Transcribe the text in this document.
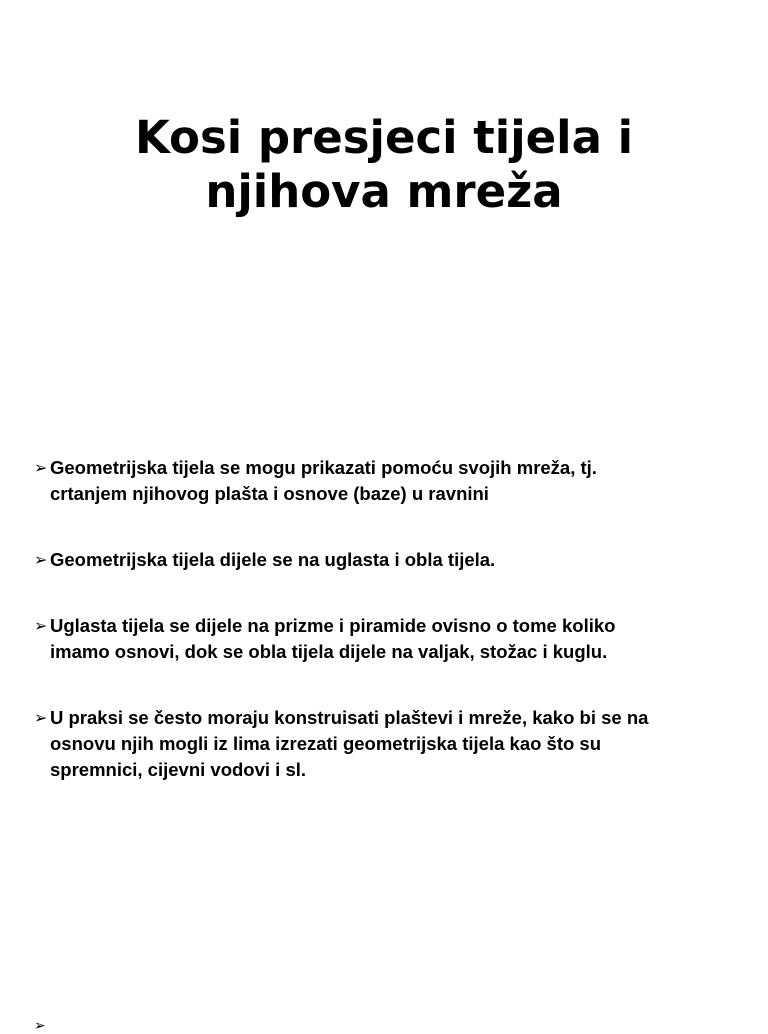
Kosi presjeci tijela i
njihova mreža
➢ Geometrijska tijela se mogu prikazati pomoću svojih mreža, tj.
crtanjem njihovog plašta i osnove (baze) u ravnini
➢ Geometrijska tijela dijele se na uglasta i obla tijela.
➢ Uglasta tijela se dijele na prizme i piramide ovisno o tome koliko
imamo osnovi, dok se obla tijela dijele na valjak, stožac i kuglu.
➢ U praksi se često moraju konstruisati plaštevi i mreže, kako bi se na
osnovu njih mogli iz lima izrezati geometrijska tijela kao što su
spremnici, cijevni vodovi i sl.
➢
